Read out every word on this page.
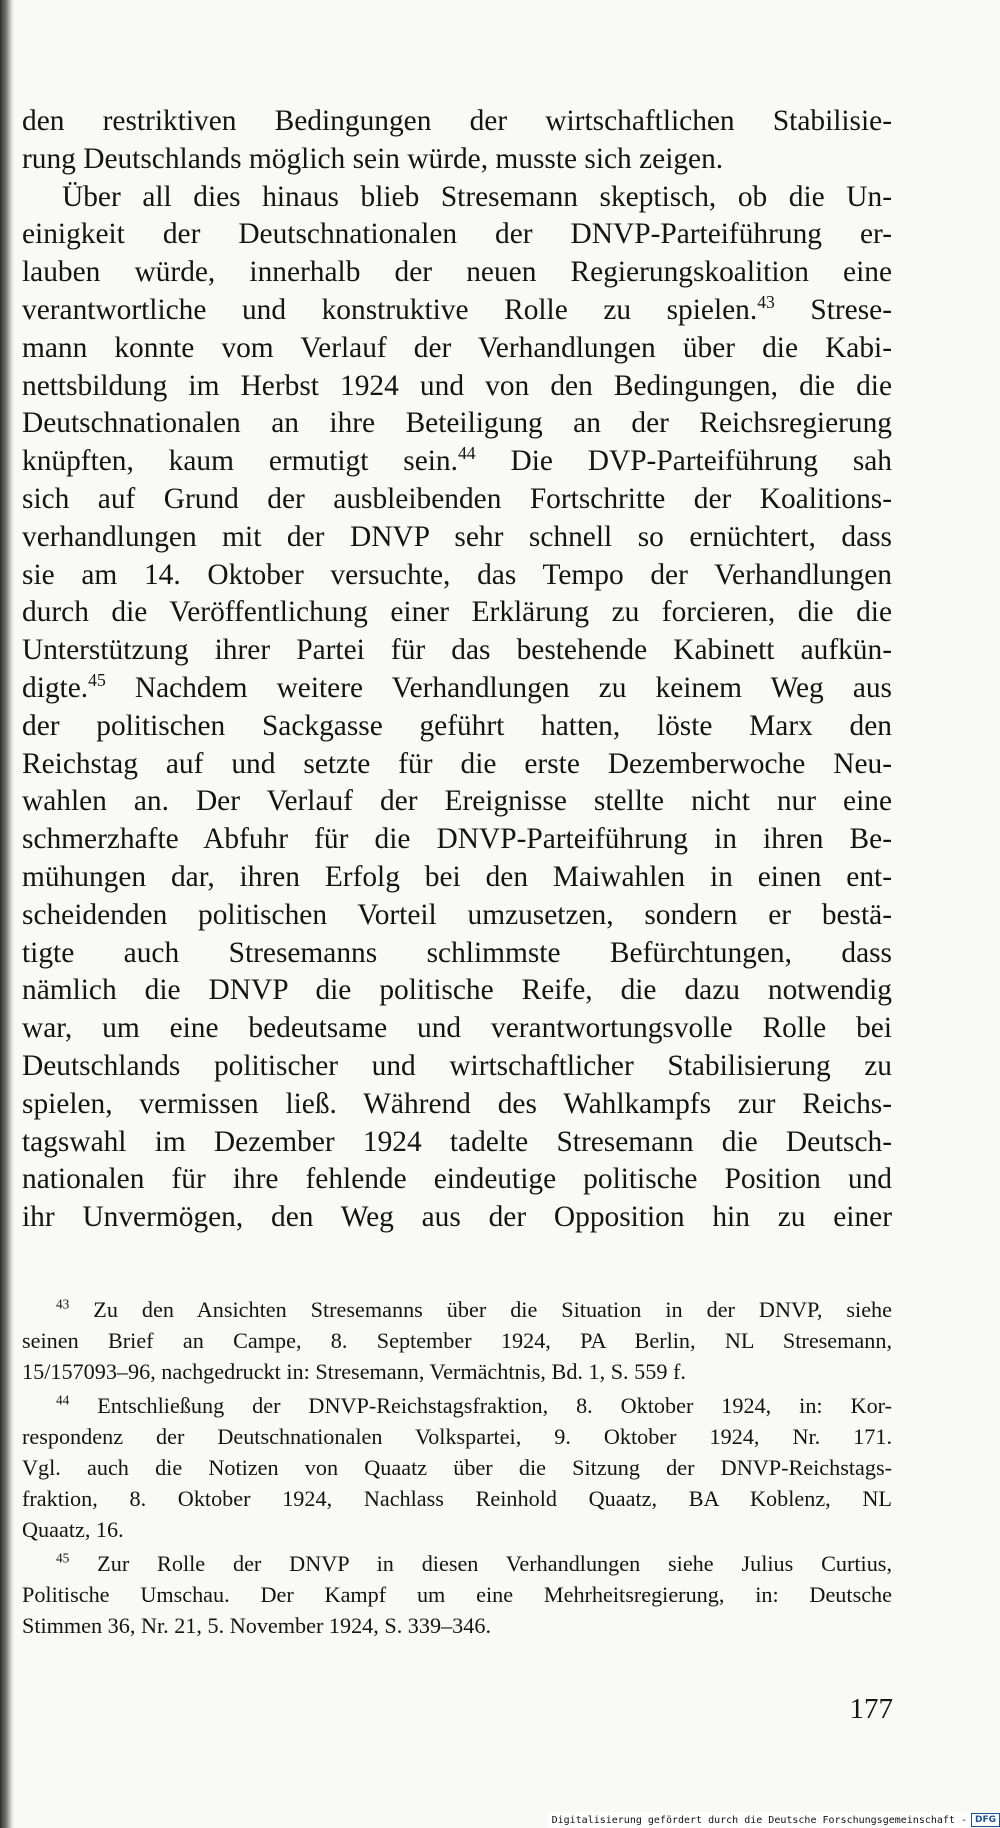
den restriktiven Bedingungen der wirtschaftlichen Stabilisie-
rung Deutschlands möglich sein würde, musste sich zeigen.
Über all dies hinaus blieb Stresemann skeptisch, ob die Un-
einigkeit der Deutschnationalen der DNVP-Parteiführung er-
lauben würde, innerhalb der neuen Regierungskoalition eine
verantwortliche und konstruktive Rolle zu spielen.$^{43}$ Strese-
mann konnte vom Verlauf der Verhandlungen über die Kabi-
nettsbildung im Herbst 1924 und von den Bedingungen, die die
Deutschnationalen an ihre Beteiligung an der Reichsregierung
knüpften, kaum ermutigt sein.$^{44}$ Die DVP-Parteiführung sah
sich auf Grund der ausbleibenden Fortschritte der Koalitions-
verhandlungen mit der DNVP sehr schnell so ernüchtert, dass
sie am 14. Oktober versuchte, das Tempo der Verhandlungen
durch die Veröffentlichung einer Erklärung zu forcieren, die die
Unterstützung ihrer Partei für das bestehende Kabinett aufkün-
digte.$^{45}$ Nachdem weitere Verhandlungen zu keinem Weg aus
der politischen Sackgasse geführt hatten, löste Marx den
Reichstag auf und setzte für die erste Dezemberwoche Neu-
wahlen an. Der Verlauf der Ereignisse stellte nicht nur eine
schmerzhafte Abfuhr für die DNVP-Parteiführung in ihren Be-
mühungen dar, ihren Erfolg bei den Maiwahlen in einen ent-
scheidenden politischen Vorteil umzusetzen, sondern er bestä-
tigte auch Stresemanns schlimmste Befürchtungen, dass
nämlich die DNVP die politische Reife, die dazu notwendig
war, um eine bedeutsame und verantwortungsvolle Rolle bei
Deutschlands politischer und wirtschaftlicher Stabilisierung zu
spielen, vermissen ließ. Während des Wahlkampfs zur Reichs-
tagswahl im Dezember 1924 tadelte Stresemann die Deutsch-
nationalen für ihre fehlende eindeutige politische Position und
ihr Unvermögen, den Weg aus der Opposition hin zu einer
$^{43}$ Zu den Ansichten Stresemanns über die Situation in der DNVP, siehe
seinen Brief an Campe, 8. September 1924, PA Berlin, NL Stresemann,
15/157093–96, nachgedruckt in: Stresemann, Vermächtnis, Bd. 1, S. 559 f.
$^{44}$ Entschließung der DNVP-Reichstagsfraktion, 8. Oktober 1924, in: Kor-
respondenz der Deutschnationalen Volkspartei, 9. Oktober 1924, Nr. 171.
Vgl. auch die Notizen von Quaatz über die Sitzung der DNVP-Reichstags-
fraktion, 8. Oktober 1924, Nachlass Reinhold Quaatz, BA Koblenz, NL
Quaatz, 16.
$^{45}$ Zur Rolle der DNVP in diesen Verhandlungen siehe Julius Curtius,
Politische Umschau. Der Kampf um eine Mehrheitsregierung, in: Deutsche
Stimmen 36, Nr. 21, 5. November 1924, S. 339–346.
177
Digitalisierung gefördert durch die Deutsche Forschungsgemeinschaft - DFG
